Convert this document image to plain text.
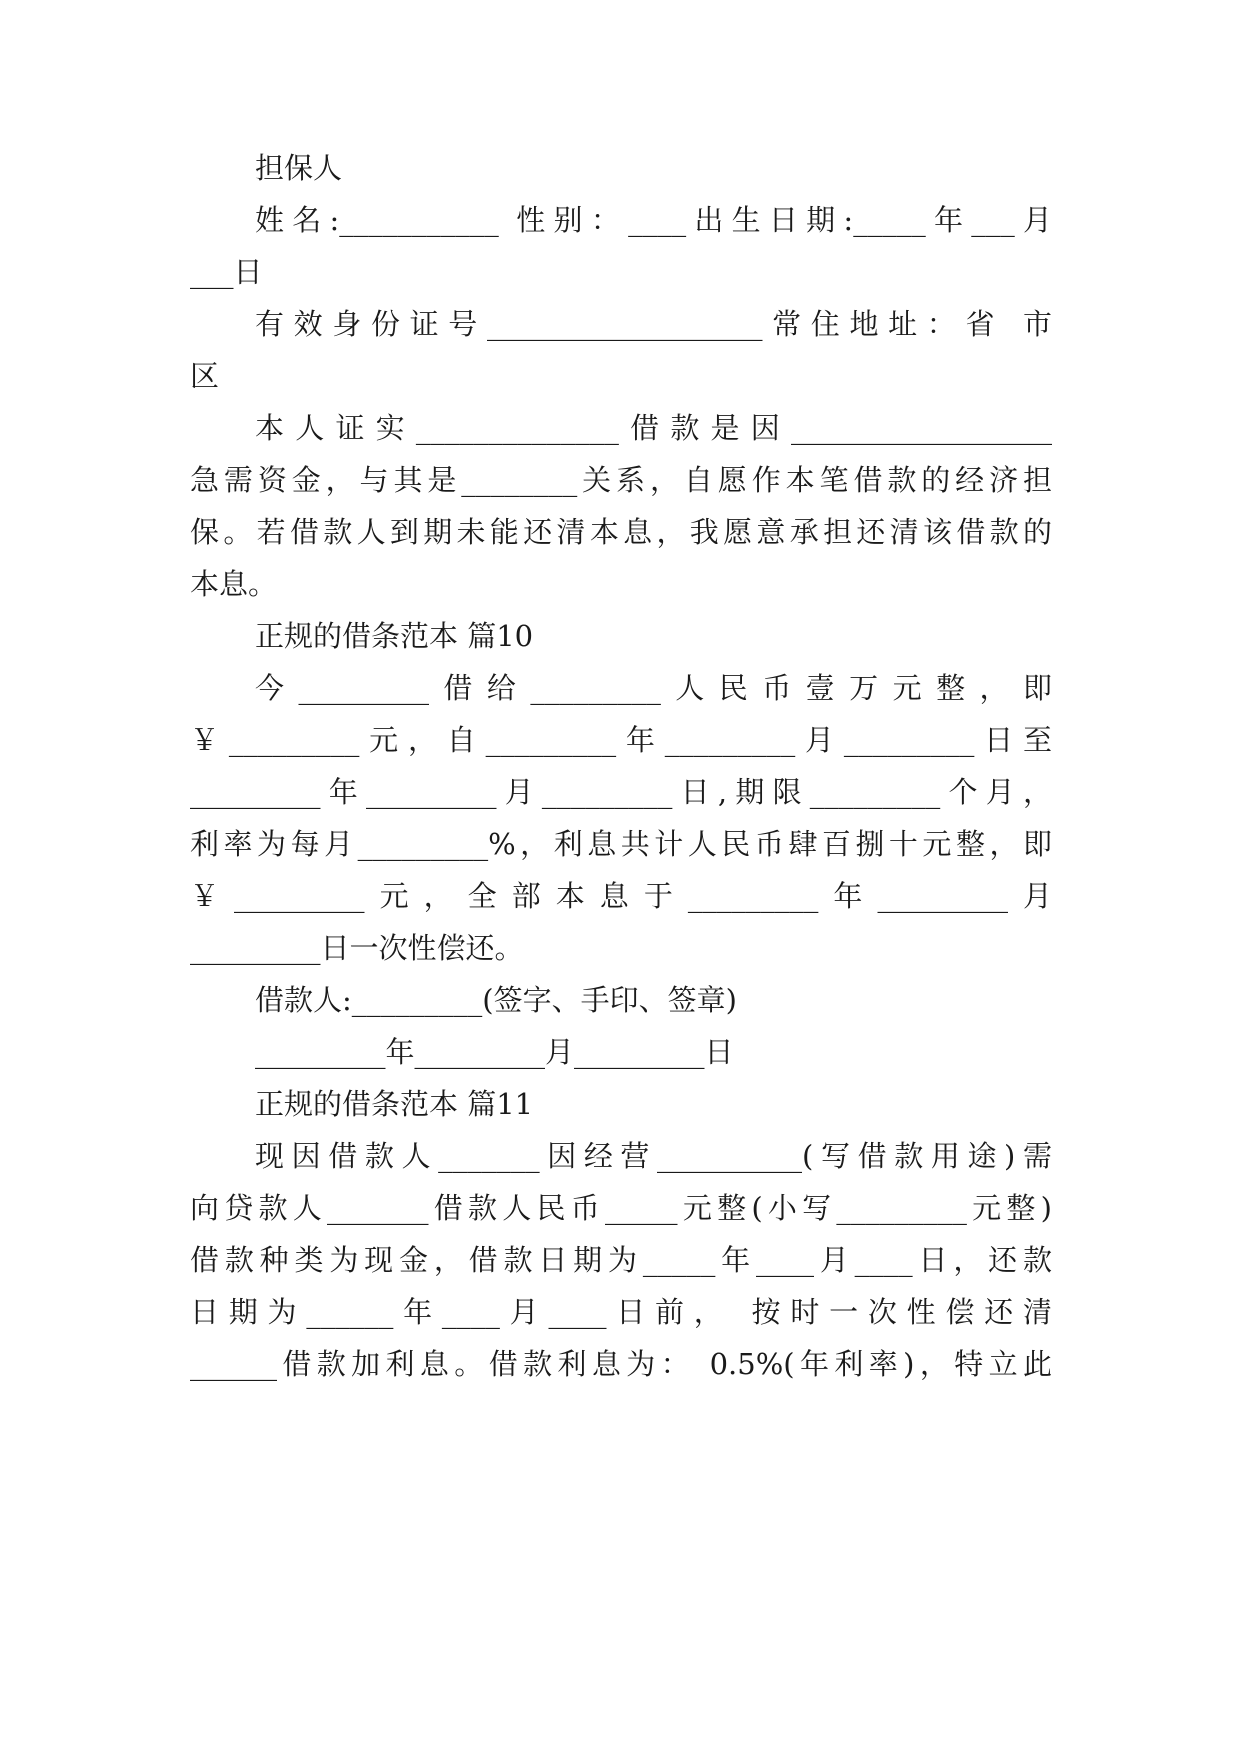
担保人
姓名:___________ 性别：____出生日期:_____年___月
___日
有效身份证号___________________常住地址：省 市
区
本人证实______________借款是因__________________
急需资金，与其是________关系，自愿作本笔借款的经济担
保。若借款人到期未能还清本息，我愿意承担还清该借款的
本息。
正规的借条范本 篇10
今_________借给_________人民币壹万元整，即
￥_________元，自_________年_________月_________日至
_________年_________月_________日,期限_________个月，
利率为每月_________%，利息共计人民币肆百捌十元整，即
￥_________元，全部本息于_________年_________月
_________日一次性偿还。
借款人:_________(签字、手印、签章)
_________年_________月_________日
正规的借条范本 篇11
现因借款人_______因经营__________(写借款用途)需
向贷款人_______借款人民币_____元整(小写_________元整)
借款种类为现金，借款日期为_____年____月____日，还款
日期为______年____月____日前， 按时一次性偿还清
______借款加利息。借款利息为： 0.5%(年利率)，特立此
